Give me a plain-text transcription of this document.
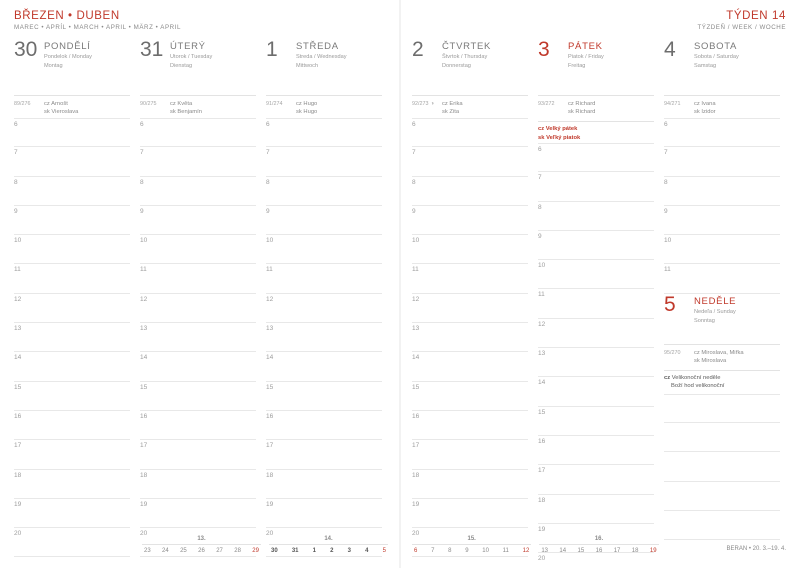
BŘEZEN • DUBEN
MAREC • APRÍL • MARCH • APRIL • MÄRZ • APRIL
30 PONDĚLÍ
Pondelok / Monday
Montag
89/276	cz Arnošt
sk Vieroslava
6
7
8
9
10
11
12
13
14
15
16
17
18
19
20
31 ÚTERÝ
Utorok / Tuesday
Dienstag
90/275	cz Květa
sk Benjamín
6
7
8
9
10
11
12
13
14
15
16
17
18
19
20
1	STŘEDA
Streda / Wednesday
Mittwoch
91/274	cz Hugo
sk Hugo
6
7
8
9
10
11
12
13
14
15
16
17
18
19
20
13.
23 24 25 26 27 28 29
14.
30 31 1 2 3 4 5
TÝDEN 14
TÝZDEŇ / WEEK / WOCHE
2	ČTVRTEK
Štvrtok / Thursday
Donnerstag
92/273 ◑	cz Erika
sk Zita
6
7
8
9
10
11
12
13
14
15
16
17
18
19
20
3	PÁTEK
Piatok / Friday
Freitag
93/272	cz Richard
sk Richard
cz Velký pátek
sk Veľký piatok
6
7
8
9
10
11
12
13
14
15
16
17
18
19
20
4	SOBOTA
Sobota / Saturday
Samstag
94/271	cz Ivana
sk Izidor
6
7
8
9
10
11
5	NEDĚLE
Nedeľa / Sunday
Sonntag
95/270	cz Miroslava, Miřka
sk Miroslava
cz Velikonoční neděle
Boží hod velikonoční
15.
6 7 8 9 10 11 12
16.
13 14 15 16 17 18 19	BERAN • 20. 3.–19. 4.
